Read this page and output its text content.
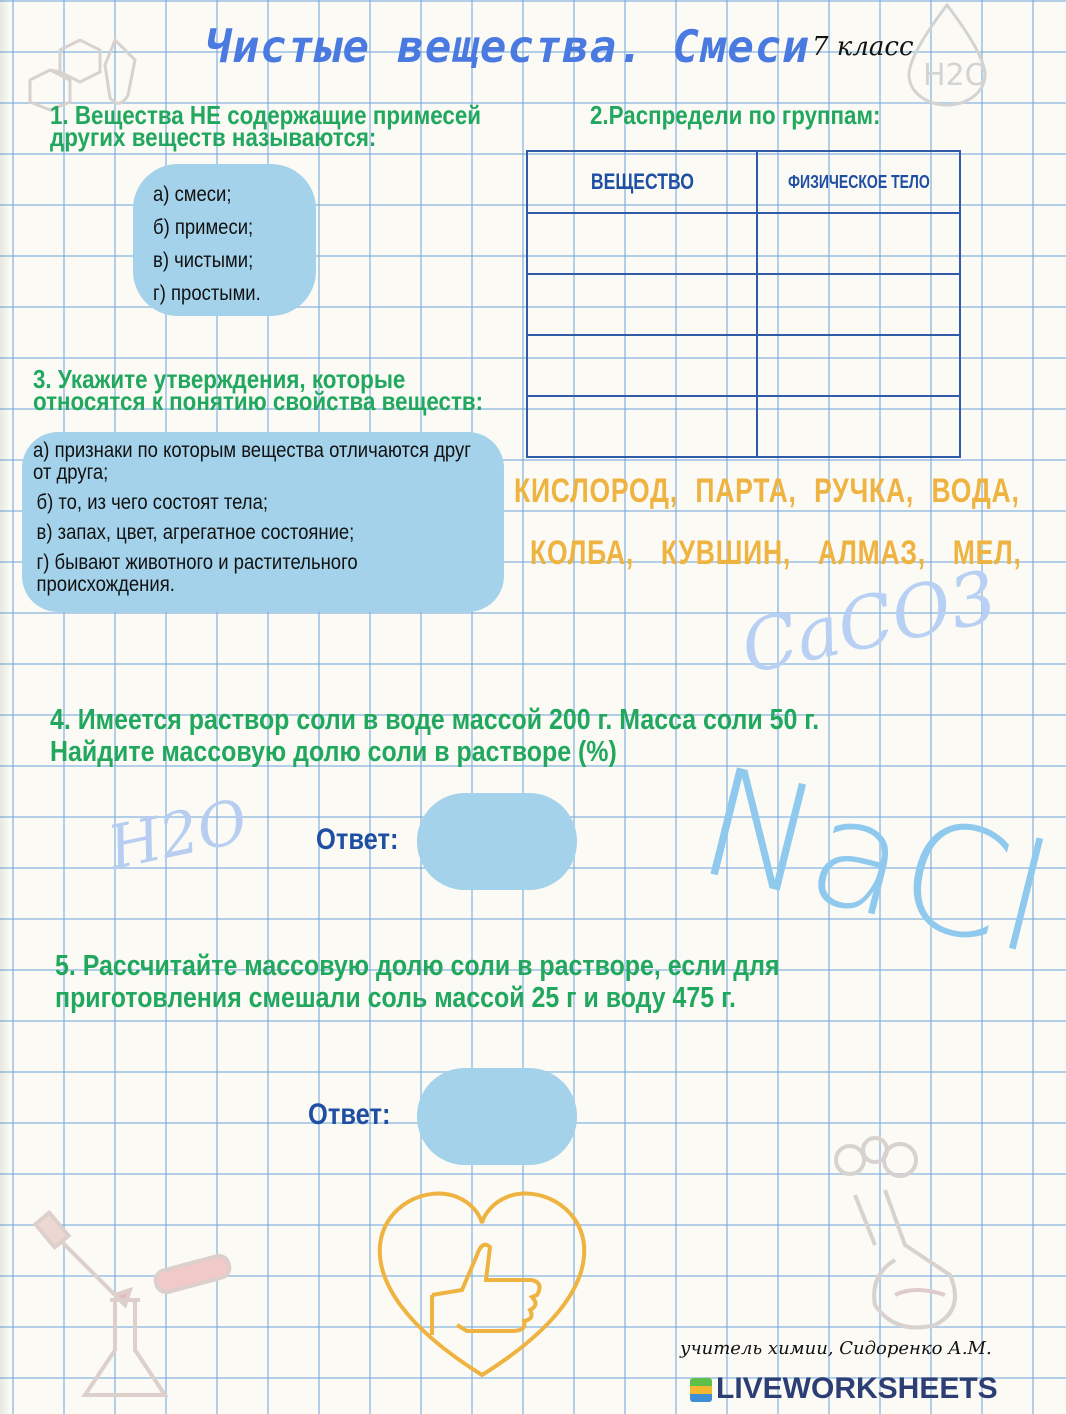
H2O
Чистые вещества. Смеси 7 класс
1. Вещества НЕ содержащие примесей других веществ называются:
а) смеси;
б) примеси;
в) чистыми;
г) простыми.
2.Распредели по группам:
ВЕЩЕСТВО	ФИЗИЧЕСКОЕ ТЕЛО

КИСЛОРОД, ПАРТА, РУЧКА, ВОДА,
КОЛБА, КУВШИН, АЛМАЗ, МЕЛ,
3. Укажите утверждения, которые относятся к понятию свойства веществ:
а) признаки по которым вещества отличаются друг от друга;
б) то, из чего состоят тела;
в) запах, цвет, агрегатное состояние;
г) бывают животного и растительного происхождения.	CaCO3
H2O	NaCl
4. Имеется раствор соли в воде массой 200 г. Масса соли 50 г. Найдите массовую долю соли в растворе (%)
Ответ:
5. Рассчитайте массовую долю соли в растворе, если для приготовления смешали соль массой 25 г и воду 475 г.
Ответ:
учитель химии, Сидоренко А.М.
LIVEWORKSHEETS
